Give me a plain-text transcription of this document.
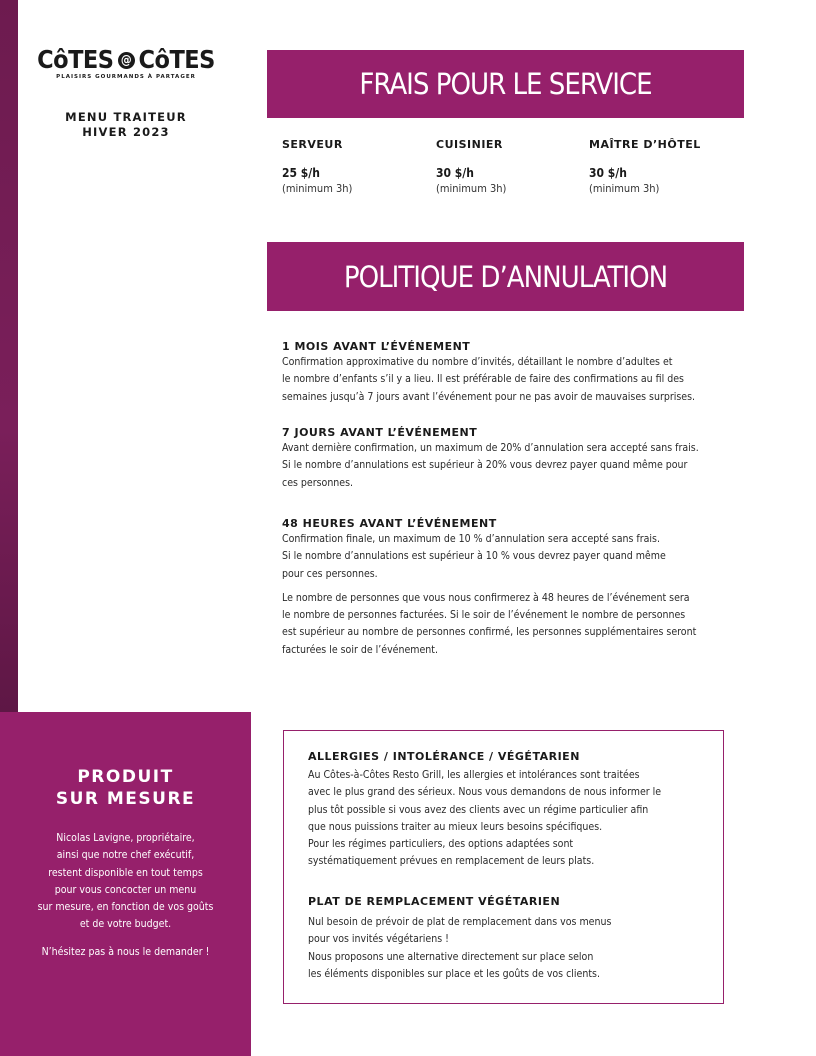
CôTES @ CôTES
PLAISIRS GOURMANDS À PARTAGER
MENU TRAITEUR
HIVER 2023
FRAIS POUR LE SERVICE
SERVEUR
25 $/h
(minimum 3h)
CUISINIER
30 $/h
(minimum 3h)
MAÎTRE D’HÔTEL
30 $/h
(minimum 3h)
POLITIQUE D’ANNULATION
1 MOIS AVANT L’ÉVÉNEMENT
Confirmation approximative du nombre d’invités, détaillant le nombre d’adultes et
le nombre d’enfants s’il y a lieu. Il est préférable de faire des confirmations au fil des
semaines jusqu’à 7 jours avant l’événement pour ne pas avoir de mauvaises surprises.
7 JOURS AVANT L’ÉVÉNEMENT
Avant dernière confirmation, un maximum de 20% d’annulation sera accepté sans frais.
Si le nombre d’annulations est supérieur à 20% vous devrez payer quand même pour
ces personnes.
48 HEURES AVANT L’ÉVÉNEMENT
Confirmation finale, un maximum de 10 % d’annulation sera accepté sans frais.
Si le nombre d’annulations est supérieur à 10 % vous devrez payer quand même
pour ces personnes.
Le nombre de personnes que vous nous confirmerez à 48 heures de l’événement sera
le nombre de personnes facturées. Si le soir de l’événement le nombre de personnes
est supérieur au nombre de personnes confirmé, les personnes supplémentaires seront
facturées le soir de l’événement.
PRODUIT
SUR MESURE
Nicolas Lavigne, propriétaire,
ainsi que notre chef exécutif,
restent disponible en tout temps
pour vous concocter un menu
sur mesure, en fonction de vos goûts
et de votre budget.
N’hésitez pas à nous le demander !
ALLERGIES / INTOLÉRANCE / VÉGÉTARIEN
Au Côtes-à-Côtes Resto Grill, les allergies et intolérances sont traitées
avec le plus grand des sérieux. Nous vous demandons de nous informer le
plus tôt possible si vous avez des clients avec un régime particulier afin
que nous puissions traiter au mieux leurs besoins spécifiques.
Pour les régimes particuliers, des options adaptées sont
systématiquement prévues en remplacement de leurs plats.
PLAT DE REMPLACEMENT VÉGÉTARIEN
Nul besoin de prévoir de plat de remplacement dans vos menus
pour vos invités végétariens !
Nous proposons une alternative directement sur place selon
les éléments disponibles sur place et les goûts de vos clients.
